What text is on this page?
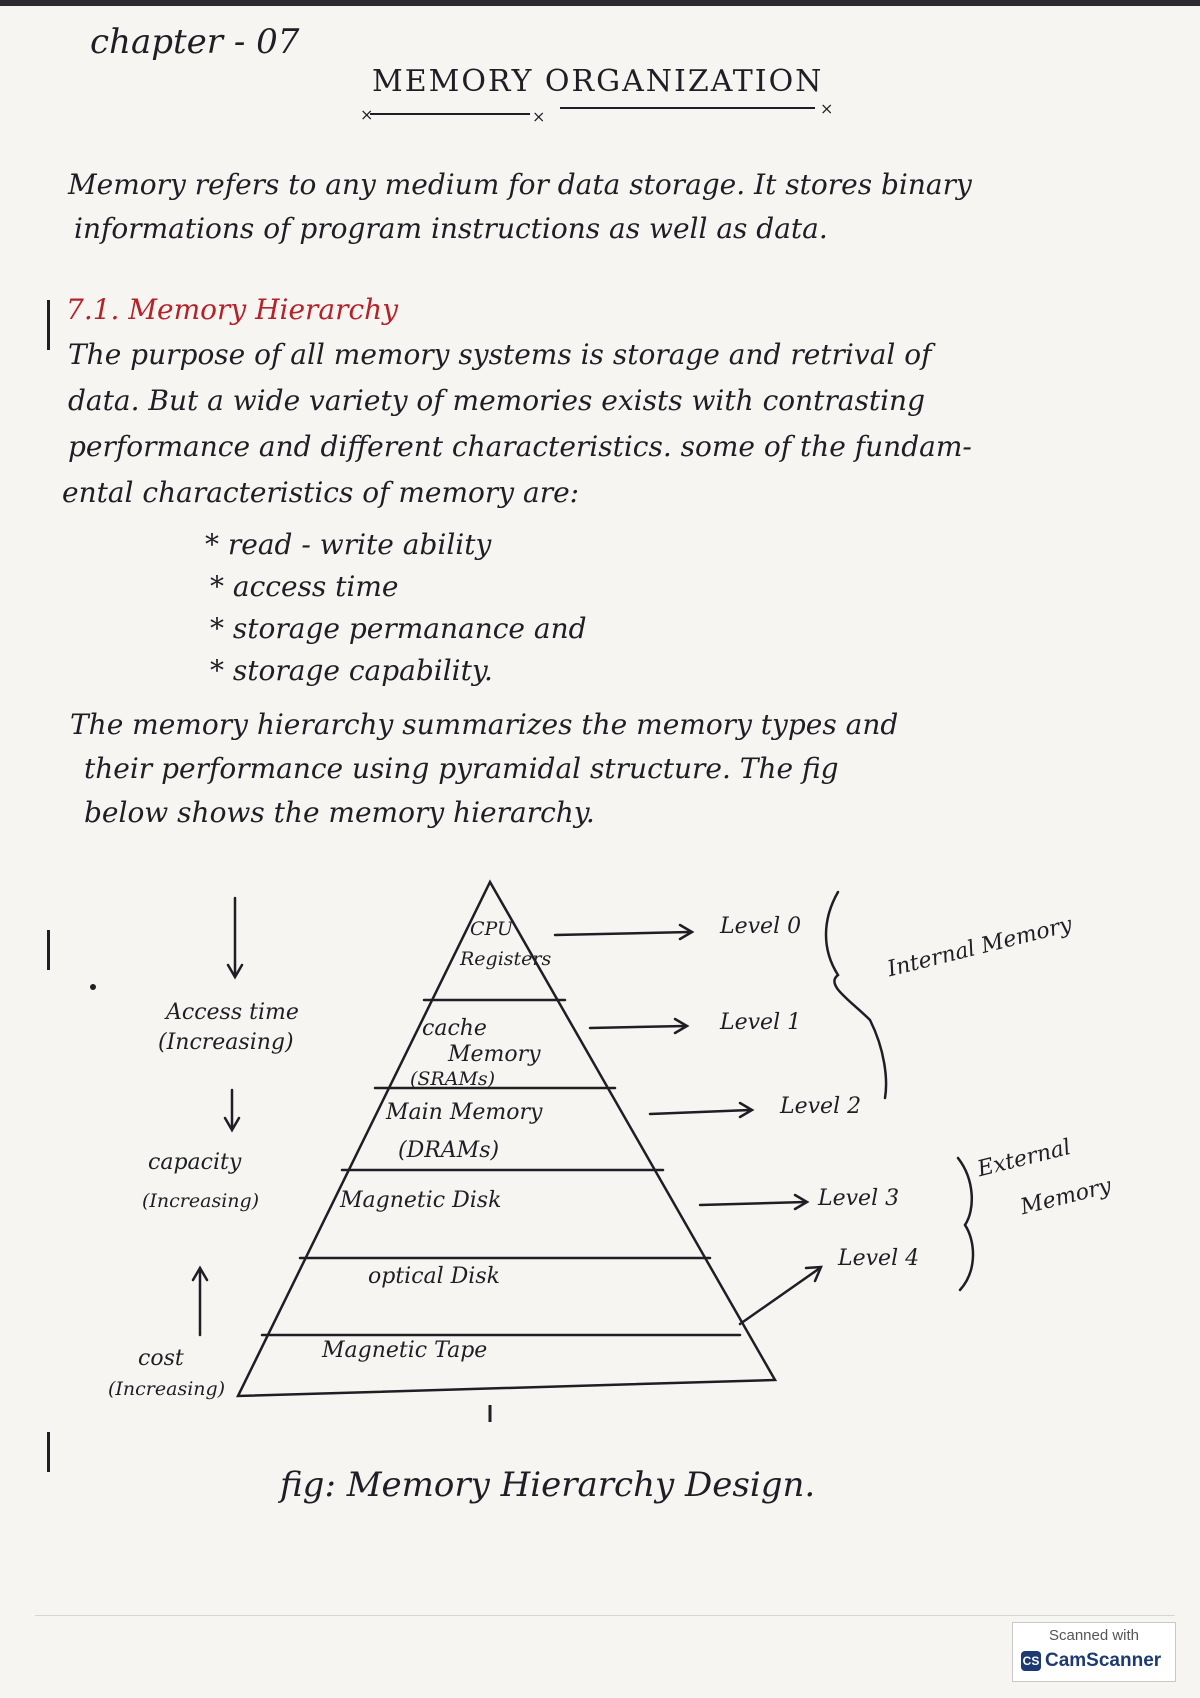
chapter - 07
MEMORY ORGANIZATION
×	×	×
Memory refers to any medium for data storage. It stores binary
informations of program instructions as well as data.
7.1. Memory Hierarchy
The purpose of all memory systems is storage and retrival of
data. But a wide variety of memories exists with contrasting
performance and different characteristics. some of the fundam-
ental characteristics of memory are:
* read - write ability
* access time
* storage permanance and
* storage capability.
The memory hierarchy summarizes the memory types and
their performance using pyramidal structure. The fig
below shows the memory hierarchy.
CPU
Registers
cache
Memory
(SRAMs)
Main Memory
(DRAMs)
Magnetic Disk
optical Disk
Magnetic Tape
Level 0
Level 1
Level 2
Level 3
Level 4
Internal Memory
External
Memory
Access time
(Increasing)
capacity
(Increasing)
cost
(Increasing)
fig: Memory Hierarchy Design.
Scanned with
CS CamScanner
